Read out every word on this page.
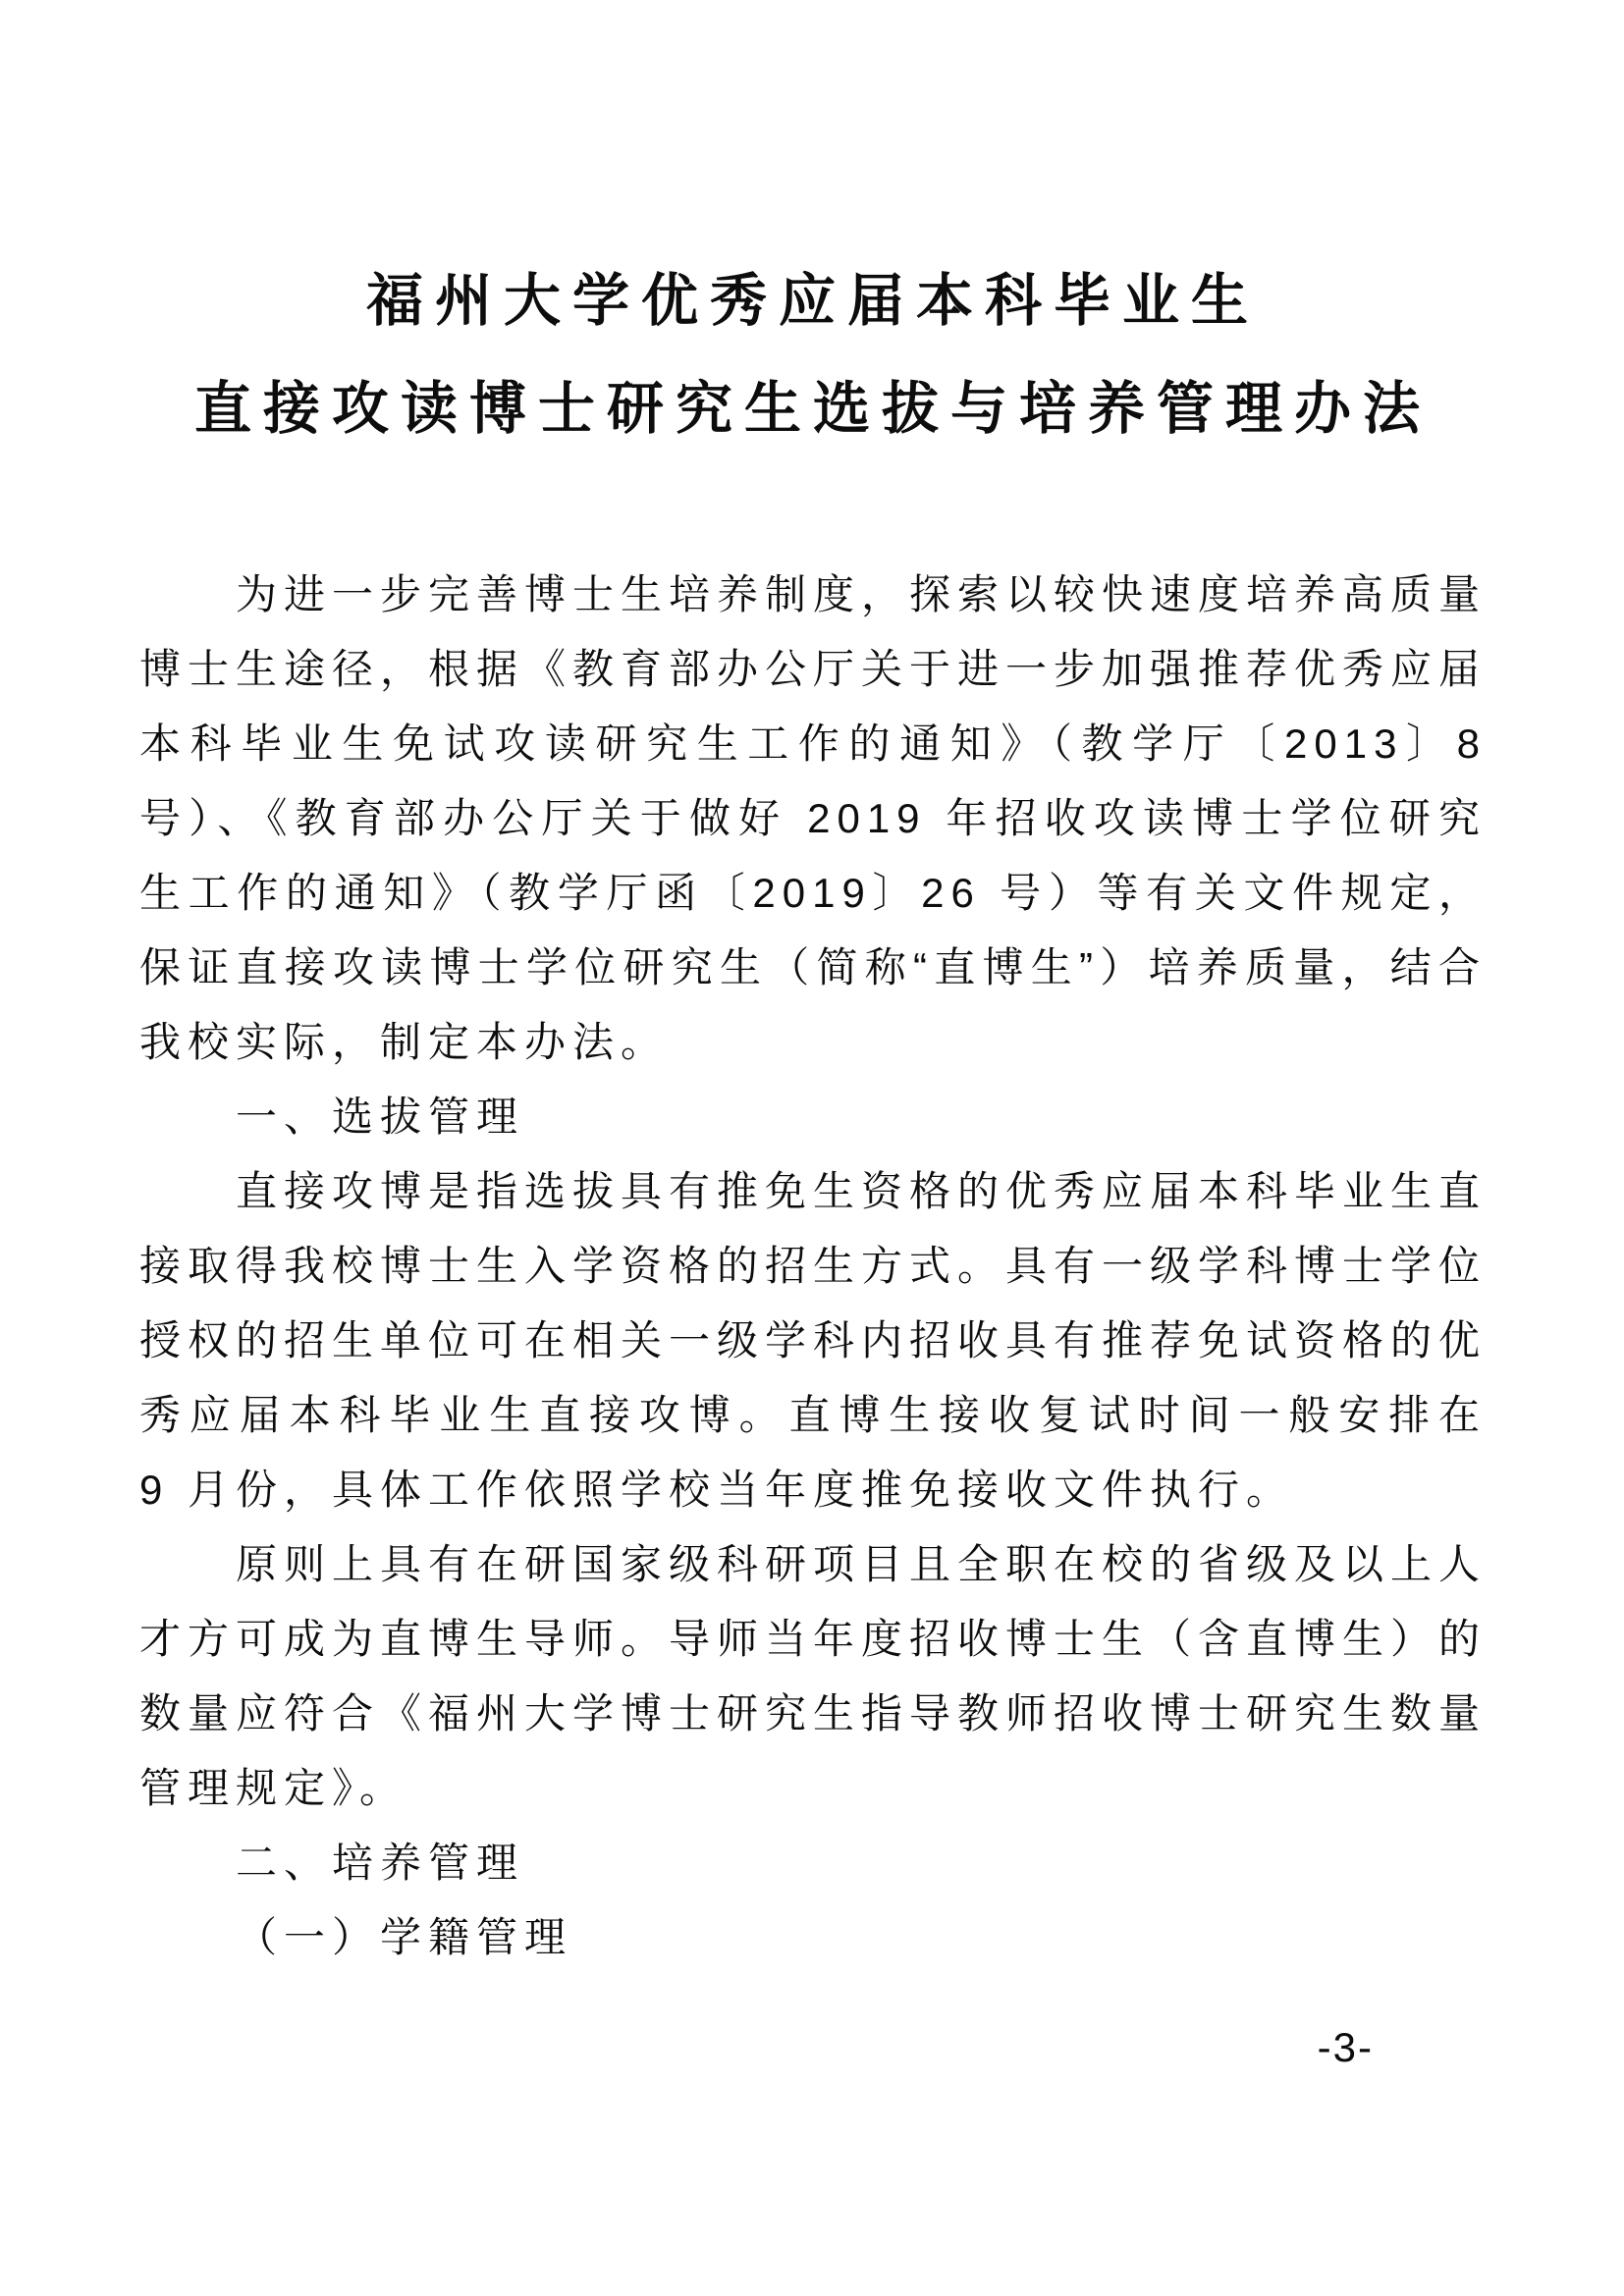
福州大学优秀应届本科毕业生
直接攻读博士研究生选拔与培养管理办法

为进一步完善博士生培养制度，探索以较快速度培养高质量博士生途径，根据《教育部办公厅关于进一步加强推荐优秀应届本科毕业生免试攻读研究生工作的通知》（教学厅〔2013〕8 号）、《教育部办公厅关于做好 2019 年招收攻读博士学位研究生工作的通知》（教学厅函〔2019〕26 号）等有关文件规定，保证直接攻读博士学位研究生（简称“直博生”）培养质量，结合我校实际，制定本办法。

一、选拔管理

直接攻博是指选拔具有推免生资格的优秀应届本科毕业生直接取得我校博士生入学资格的招生方式。具有一级学科博士学位授权的招生单位可在相关一级学科内招收具有推荐免试资格的优秀应届本科毕业生直接攻博。直博生接收复试时间一般安排在 9 月份，具体工作依照学校当年度推免接收文件执行。

原则上具有在研国家级科研项目且全职在校的省级及以上人才方可成为直博生导师。导师当年度招收博士生（含直博生）的数量应符合《福州大学博士研究生指导教师招收博士研究生数量管理规定》。

二、培养管理

（一）学籍管理

-3-
